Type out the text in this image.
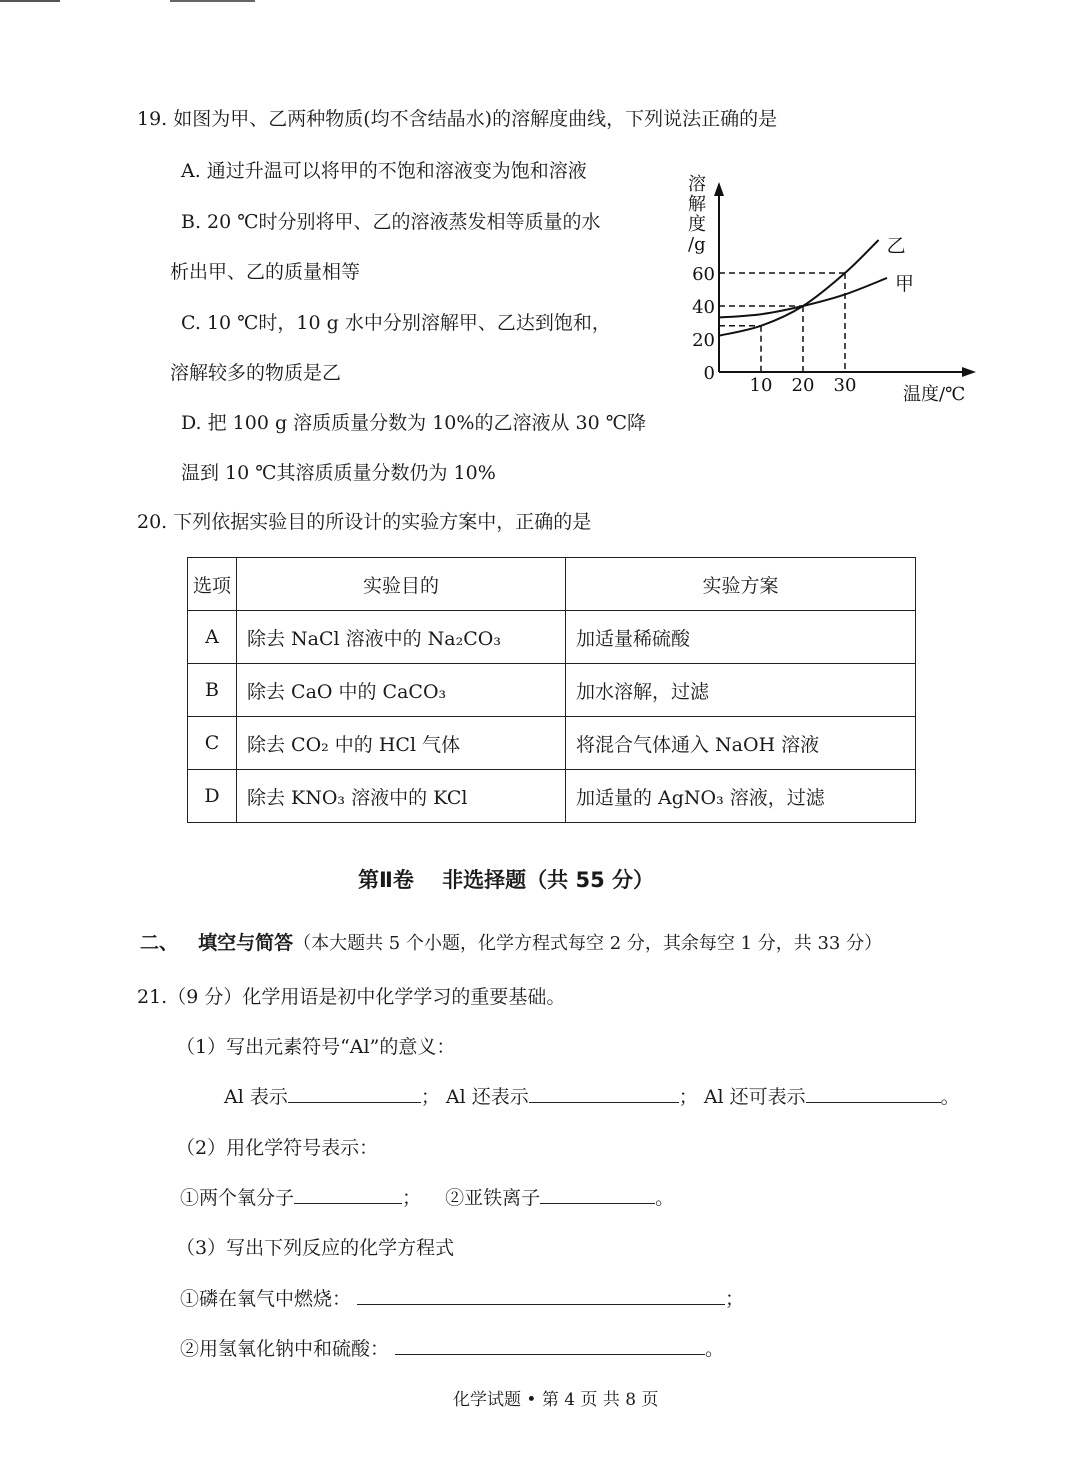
19. 如图为甲、乙两种物质(均不含结晶水)的溶解度曲线，下列说法正确的是
A. 通过升温可以将甲的不饱和溶液变为饱和溶液
B. 20 ℃时分别将甲、乙的溶液蒸发相等质量的水
析出甲、乙的质量相等
C. 10 ℃时，10 g 水中分别溶解甲、乙达到饱和，
溶解较多的物质是乙
D. 把 100 g 溶质质量分数为 10%的乙溶液从 30 ℃降
温到 10 ℃其溶质质量分数仍为 10%
溶
解
度
/g
0
20
40
60
10 20 30	温度/℃
甲
乙
20. 下列依据实验目的所设计的实验方案中，正确的是
选项	实验目的	实验方案
A	除去 NaCl 溶液中的 Na₂CO₃	加适量稀硫酸
B	除去 CaO 中的 CaCO₃	加水溶解，过滤
C	除去 CO₂ 中的 HCl 气体	将混合气体通入 NaOH 溶液
D	除去 KNO₃ 溶液中的 KCl	加适量的 AgNO₃ 溶液，过滤
第Ⅱ卷　 非选择题（共 55 分）
二、 填空与简答（本大题共 5 个小题，化学方程式每空 2 分，其余每空 1 分，共 33 分）
21.（9 分）化学用语是初中化学学习的重要基础。
（1）写出元素符号“Al”的意义：
Al 表示	； Al 还表示	； Al 还可表示	。
（2）用化学符号表示：
①两个氧分子	； ②亚铁离子	。
（3）写出下列反应的化学方程式
①磷在氧气中燃烧：	；
②用氢氧化钠中和硫酸：	。
化学试题 • 第 4 页 共 8 页
